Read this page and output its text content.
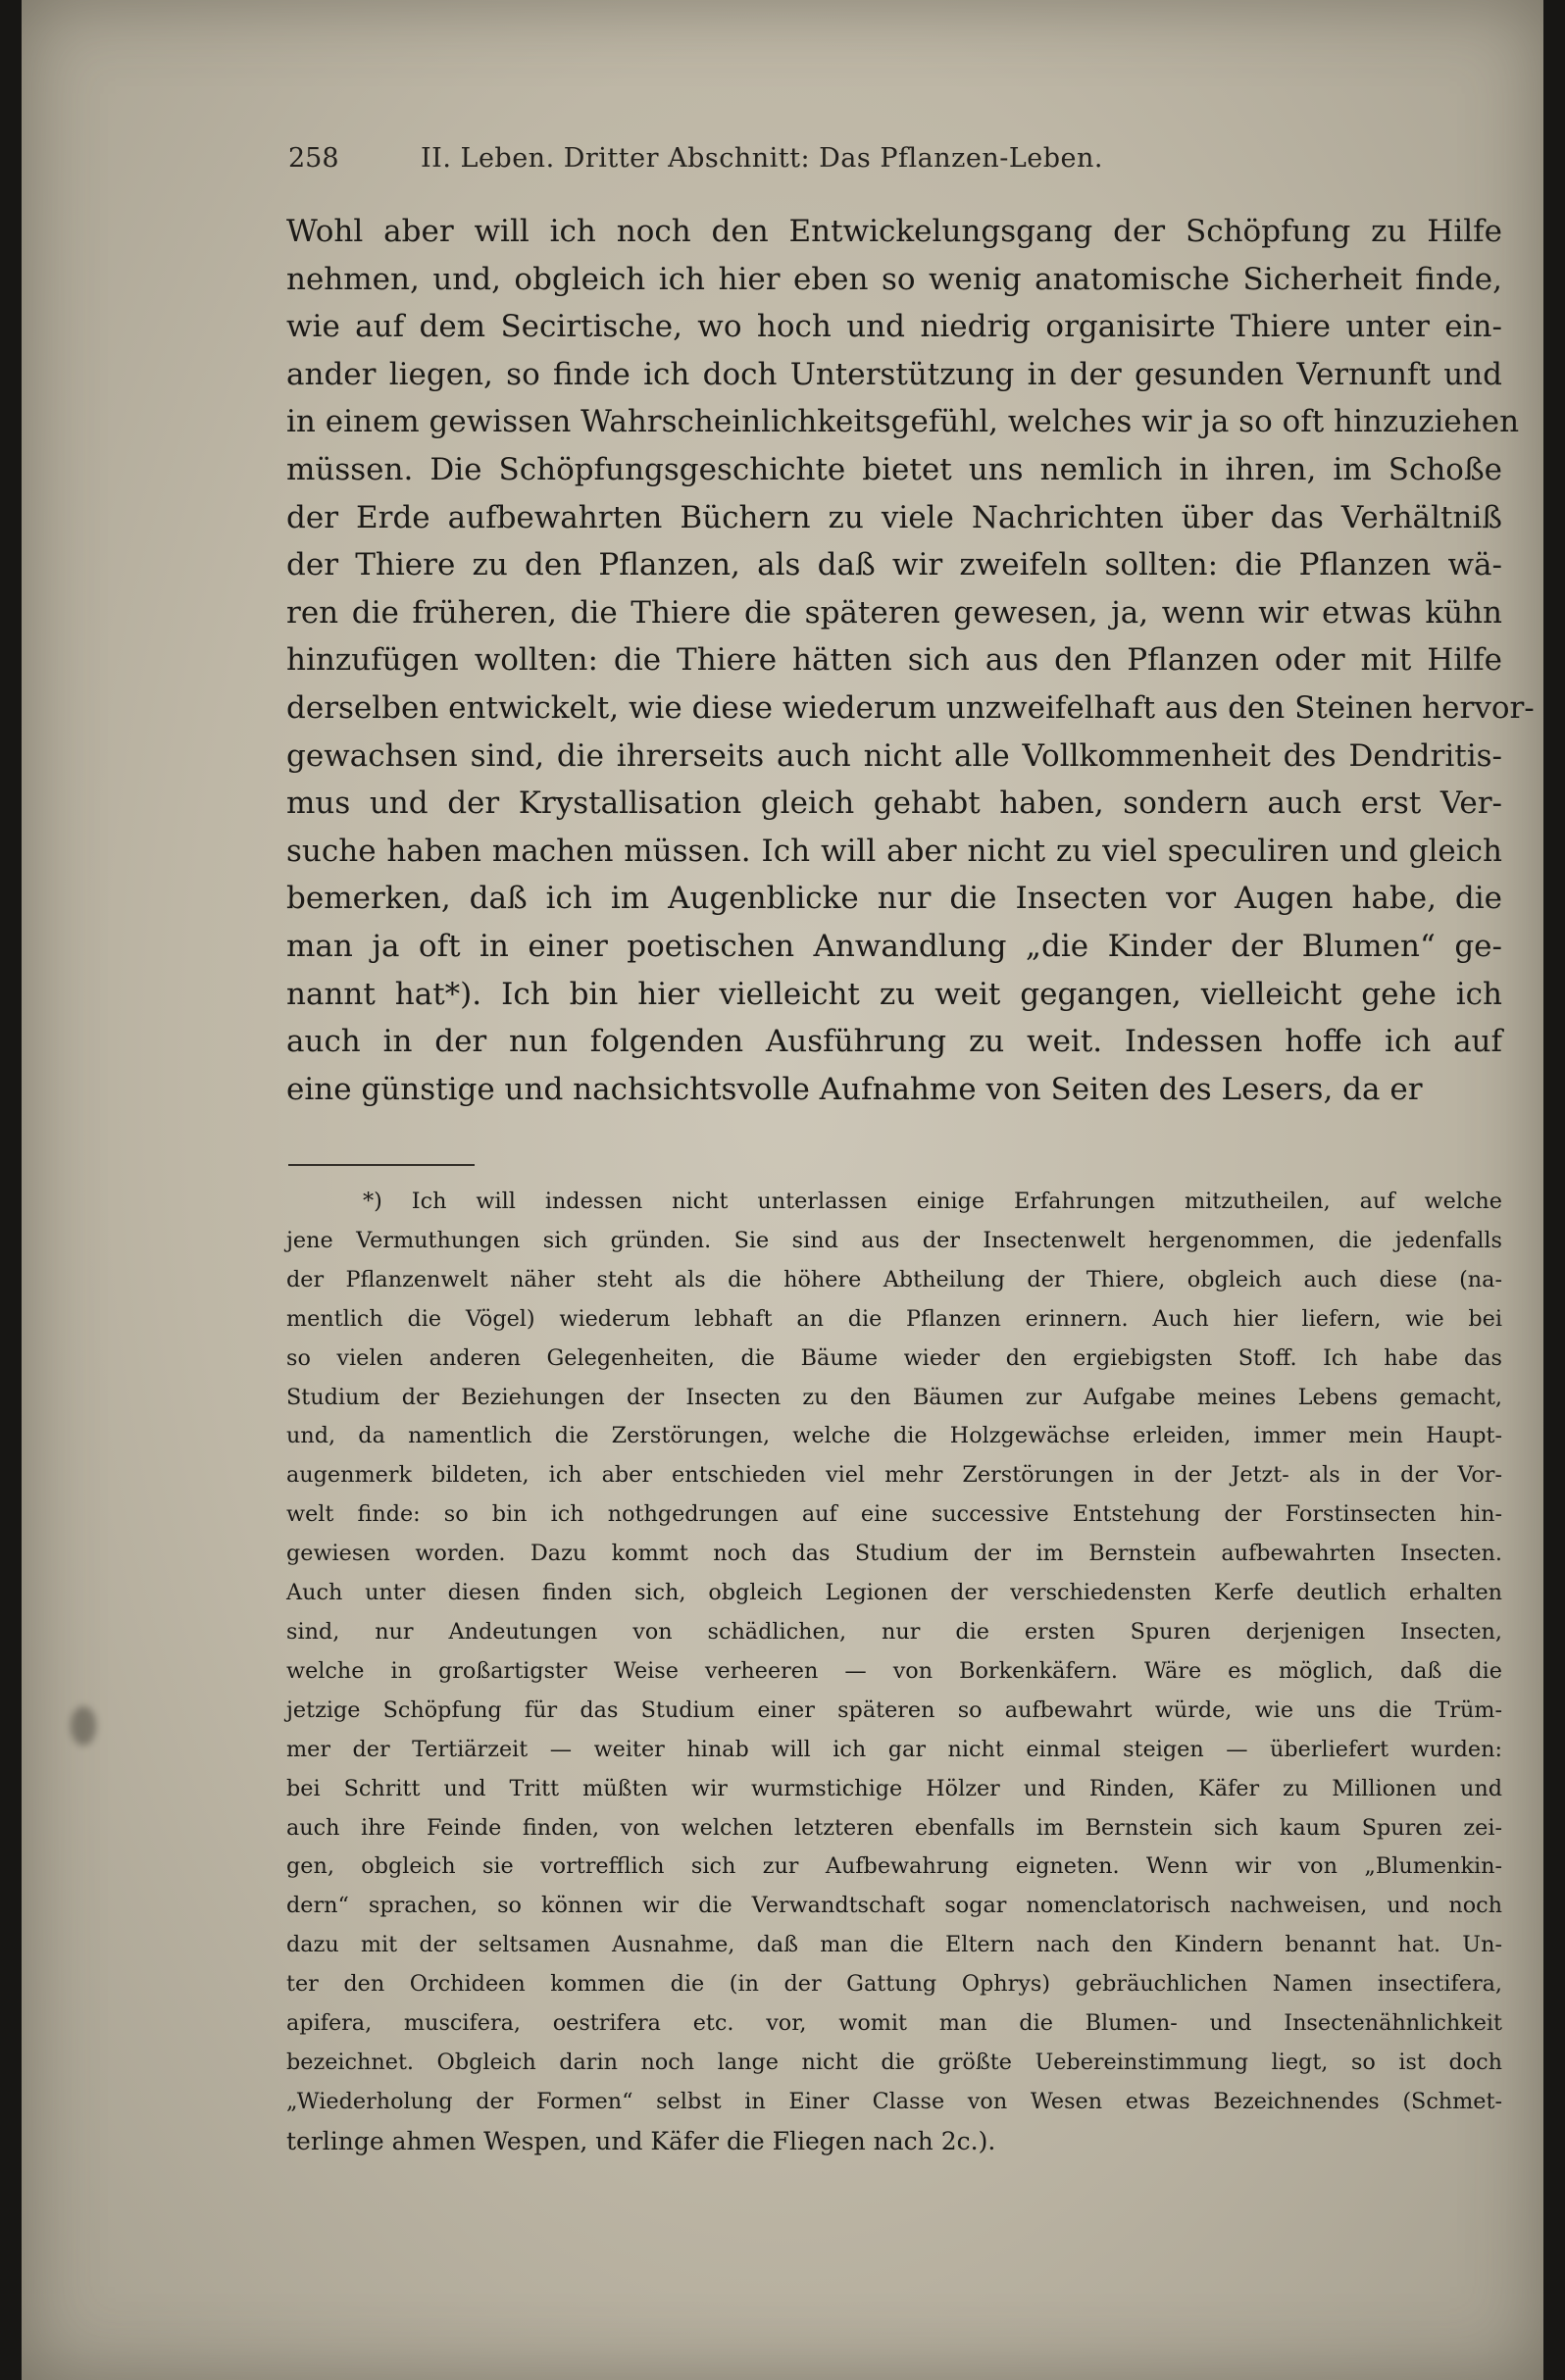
258	II. Leben. Dritter Abschnitt: Das Pflanzen-Leben.
Wohl aber will ich noch den Entwickelungsgang der Schöpfung zu Hilfe
nehmen, und, obgleich ich hier eben so wenig anatomische Sicherheit finde,
wie auf dem Secirtische, wo hoch und niedrig organisirte Thiere unter ein-
ander liegen, so finde ich doch Unterstützung in der gesunden Vernunft und
in einem gewissen Wahrscheinlichkeitsgefühl, welches wir ja so oft hinzuziehen
müssen. Die Schöpfungsgeschichte bietet uns nemlich in ihren, im Schoße
der Erde aufbewahrten Büchern zu viele Nachrichten über das Verhältniß
der Thiere zu den Pflanzen, als daß wir zweifeln sollten: die Pflanzen wä-
ren die früheren, die Thiere die späteren gewesen, ja, wenn wir etwas kühn
hinzufügen wollten: die Thiere hätten sich aus den Pflanzen oder mit Hilfe
derselben entwickelt, wie diese wiederum unzweifelhaft aus den Steinen hervor-
gewachsen sind, die ihrerseits auch nicht alle Vollkommenheit des Dendritis-
mus und der Krystallisation gleich gehabt haben, sondern auch erst Ver-
suche haben machen müssen. Ich will aber nicht zu viel speculiren und gleich
bemerken, daß ich im Augenblicke nur die Insecten vor Augen habe, die
man ja oft in einer poetischen Anwandlung „die Kinder der Blumen“ ge-
nannt hat*). Ich bin hier vielleicht zu weit gegangen, vielleicht gehe ich
auch in der nun folgenden Ausführung zu weit. Indessen hoffe ich auf
eine günstige und nachsichtsvolle Aufnahme von Seiten des Lesers, da er
*) Ich will indessen nicht unterlassen einige Erfahrungen mitzutheilen, auf welche
jene Vermuthungen sich gründen. Sie sind aus der Insectenwelt hergenommen, die jedenfalls
der Pflanzenwelt näher steht als die höhere Abtheilung der Thiere, obgleich auch diese (na-
mentlich die Vögel) wiederum lebhaft an die Pflanzen erinnern. Auch hier liefern, wie bei
so vielen anderen Gelegenheiten, die Bäume wieder den ergiebigsten Stoff. Ich habe das
Studium der Beziehungen der Insecten zu den Bäumen zur Aufgabe meines Lebens gemacht,
und, da namentlich die Zerstörungen, welche die Holzgewächse erleiden, immer mein Haupt-
augenmerk bildeten, ich aber entschieden viel mehr Zerstörungen in der Jetzt- als in der Vor-
welt finde: so bin ich nothgedrungen auf eine successive Entstehung der Forstinsecten hin-
gewiesen worden. Dazu kommt noch das Studium der im Bernstein aufbewahrten Insecten.
Auch unter diesen finden sich, obgleich Legionen der verschiedensten Kerfe deutlich erhalten
sind, nur Andeutungen von schädlichen, nur die ersten Spuren derjenigen Insecten,
welche in großartigster Weise verheeren — von Borkenkäfern. Wäre es möglich, daß die
jetzige Schöpfung für das Studium einer späteren so aufbewahrt würde, wie uns die Trüm-
mer der Tertiärzeit — weiter hinab will ich gar nicht einmal steigen — überliefert wurden:
bei Schritt und Tritt müßten wir wurmstichige Hölzer und Rinden, Käfer zu Millionen und
auch ihre Feinde finden, von welchen letzteren ebenfalls im Bernstein sich kaum Spuren zei-
gen, obgleich sie vortrefflich sich zur Aufbewahrung eigneten. Wenn wir von „Blumenkin-
dern“ sprachen, so können wir die Verwandtschaft sogar nomenclatorisch nachweisen, und noch
dazu mit der seltsamen Ausnahme, daß man die Eltern nach den Kindern benannt hat. Un-
ter den Orchideen kommen die (in der Gattung Ophrys) gebräuchlichen Namen insectifera,
apifera, muscifera, oestrifera etc. vor, womit man die Blumen- und Insectenähnlichkeit
bezeichnet. Obgleich darin noch lange nicht die größte Uebereinstimmung liegt, so ist doch
„Wiederholung der Formen“ selbst in Einer Classe von Wesen etwas Bezeichnendes (Schmet-
terlinge ahmen Wespen, und Käfer die Fliegen nach 2c.).
